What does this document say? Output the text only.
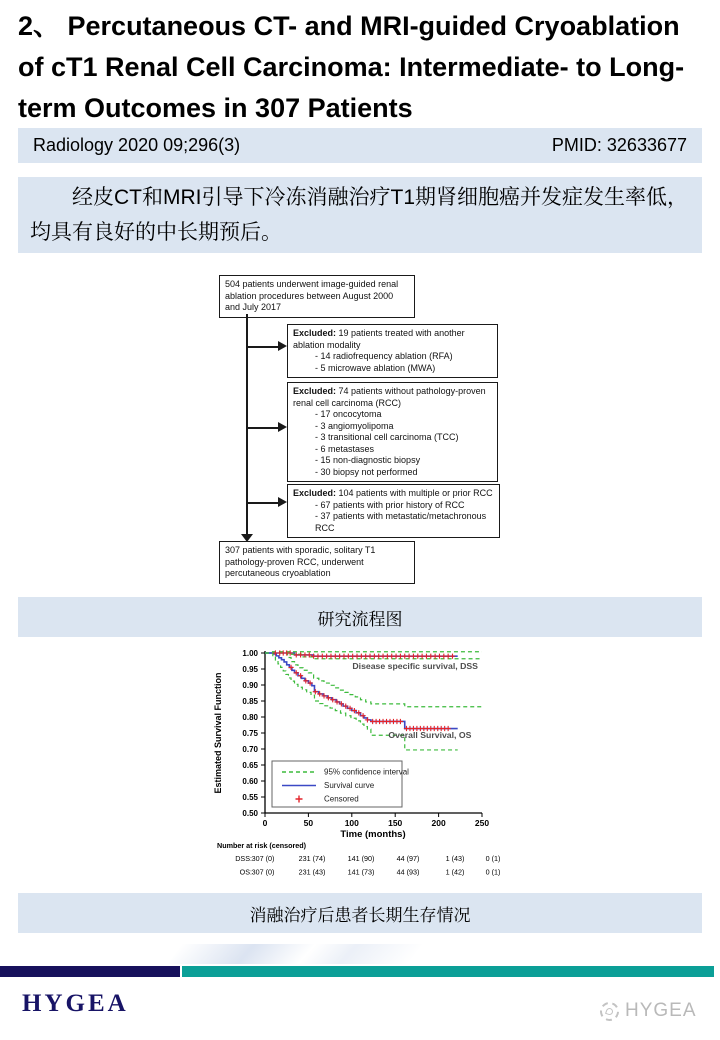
2、 Percutaneous CT- and MRI-guided Cryoablation of cT1 Renal Cell Carcinoma: Intermediate- to Long-term Outcomes in 307 Patients
Radiology 2020 09;296(3)	PMID: 32633677
经皮CT和MRI引导下冷冻消融治疗T1期肾细胞癌并发症发生率低，均具有良好的中长期预后。
504 patients underwent image-guided renal ablation procedures between August 2000 and July 2017
Excluded: 19 patients treated with another ablation modality
- 14 radiofrequency ablation (RFA)
- 5 microwave ablation (MWA)
Excluded: 74 patients without pathology-proven renal cell carcinoma (RCC)
- 17 oncocytoma
- 3 angiomyolipoma
- 3 transitional cell carcinoma (TCC)
- 6 metastases
- 15 non-diagnostic biopsy
- 30 biopsy not performed
Excluded: 104 patients with multiple or prior RCC
- 67 patients with prior history of RCC
- 37 patients with metastatic/metachronous RCC
307 patients with sporadic, solitary T1 pathology-proven RCC, underwent percutaneous cryoablation
研究流程图
1.00
0.95
0.90
0.85
0.80
0.75
0.70
0.65
0.60
0.55
0.50
0	50	100	150	200	250
Time (months)
Estimated Survival Function
Disease specific survival, DSS
Overall Survival, OS
95% confidence interval
Survival curve
Censored
Number at risk (censored)
DSS: 307 (0)	231 (74)	141 (90)	44 (97)	1 (43)	0 (1)
OS: 307 (0)	231 (43)	141 (73)	44 (93)	1 (42)	0 (1)
消融治疗后患者长期生存情况
HYGEA	HYGEA
